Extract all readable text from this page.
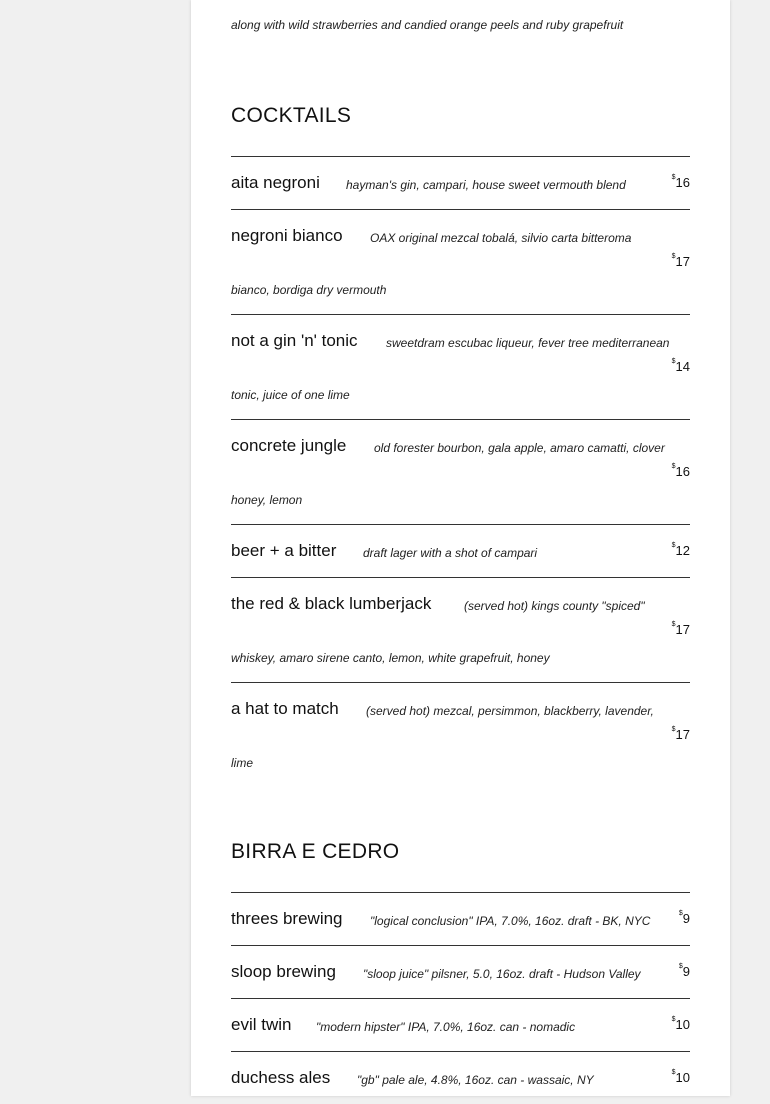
along with wild strawberries and candied orange peels and ruby grapefruit
COCKTAILS
aita negroni hayman's gin, campari, house sweet vermouth blend
$16
negroni bianco OAX original mezcal tobalá, silvio carta bitteroma
bianco, bordiga dry vermouth
$17
not a gin 'n' tonic sweetdram escubac liqueur, fever tree mediterranean
tonic, juice of one lime
$14
concrete jungle old forester bourbon, gala apple, amaro camatti, clover
honey, lemon
$16
beer + a bitter draft lager with a shot of campari
$12
the red & black lumberjack	(served hot) kings county "spiced"
whiskey, amaro sirene canto, lemon, white grapefruit, honey
$17
a hat to match (served hot) mezcal, persimmon, blackberry, lavender,
lime
$17
BIRRA E CEDRO
threes brewing "logical conclusion" IPA, 7.0%, 16oz. draft - BK, NYC
$9
sloop brewing "sloop juice" pilsner, 5.0, 16oz. draft - Hudson Valley
$9
evil twin "modern hipster" IPA, 7.0%, 16oz. can - nomadic
$10
duchess ales "gb" pale ale, 4.8%, 16oz. can - wassaic, NY
$10
